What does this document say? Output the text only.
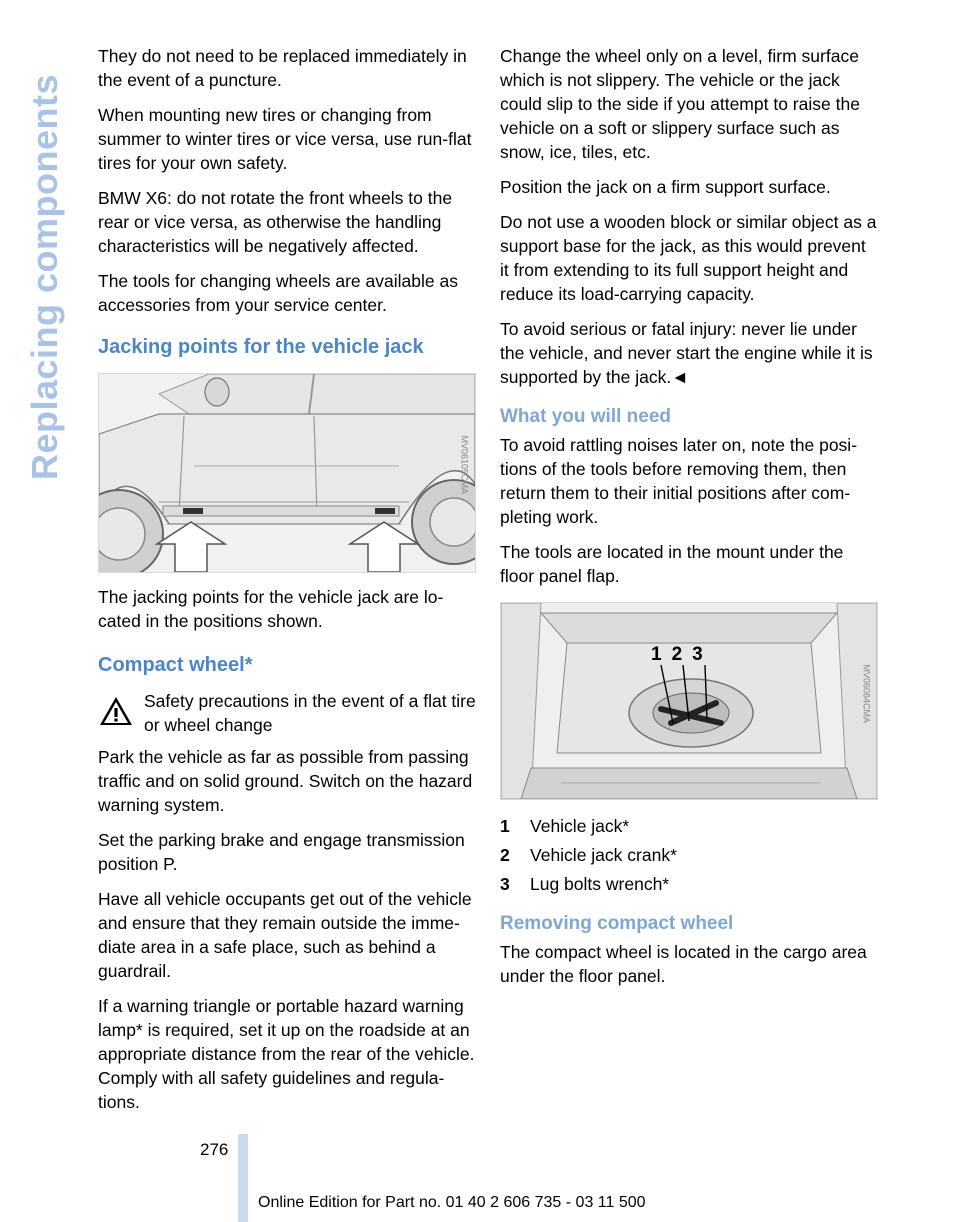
Replacing components

They do not need to be replaced immediately in the event of a puncture.

When mounting new tires or changing from summer to winter tires or vice versa, use run-flat tires for your own safety.

BMW X6: do not rotate the front wheels to the rear or vice versa, as otherwise the handling characteristics will be negatively affected.

The tools for changing wheels are available as accessories from your service center.

Jacking points for the vehicle jack
MV06105CMA

The jacking points for the vehicle jack are lo-cated in the positions shown.

Compact wheel*
Safety precautions in the event of a flat tire or wheel change

Park the vehicle as far as possible from passing traffic and on solid ground. Switch on the hazard warning system.

Set the parking brake and engage transmission position P.

Have all vehicle occupants get out of the vehicle and ensure that they remain outside the imme-diate area in a safe place, such as behind a guardrail.

If a warning triangle or portable hazard warning lamp* is required, set it up on the roadside at an appropriate distance from the rear of the vehicle. Comply with all safety guidelines and regula-tions.

Change the wheel only on a level, firm surface which is not slippery. The vehicle or the jack could slip to the side if you attempt to raise the vehicle on a soft or slippery surface such as snow, ice, tiles, etc.

Position the jack on a firm support surface.

Do not use a wooden block or similar object as a support base for the jack, as this would prevent it from extending to its full support height and reduce its load-carrying capacity.

To avoid serious or fatal injury: never lie under the vehicle, and never start the engine while it is supported by the jack.◄

What you will need

To avoid rattling noises later on, note the posi-tions of the tools before removing them, then return them to their initial positions after com-pleting work.

The tools are located in the mount under the floor panel flap.

1 2 3
MV06084CMA
1	Vehicle jack*
2	Vehicle jack crank*
3	Lug bolts wrench*
Removing compact wheel

The compact wheel is located in the cargo area under the floor panel.

276
Online Edition for Part no. 01 40 2 606 735 - 03 11 500
